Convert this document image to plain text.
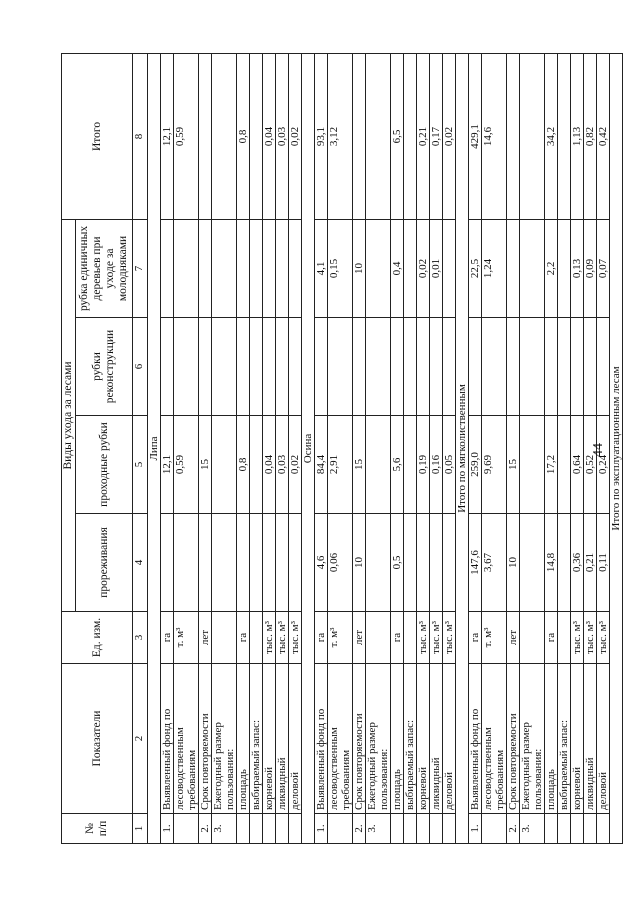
№ п/п	Показатели	Ед. изм.	Виды ухода за лесами				Итого
			прореживания	проходные рубки	рубки реконструкции	рубка единичных деревьев при уходе за молодняками	
1	2	3	4	5	6	7	8
Липа							
1.	Выявленный фонд по	га		12,1			12,1
	лесоводственным требованиям	т. м³		0,59			0,59
2.	Срок повторяемости	лет		15			
3.	Ежегодный размер пользования:						
	площадь	га		0,8			0,8
	выбираемый запас:						
	корневой	тыс. м³		0,04			0,04
	ликвидный	тыс. м³		0,03			0,03
	деловой	тыс. м³		0,02			0,02
Осина							
1.	Выявленный фонд по	га	4,6	84,4		4,1	93,1
	лесоводственным требованиям	т. м³	0,06	2,91		0,15	3,12
2.	Срок повторяемости	лет	10	15		10	
3.	Ежегодный размер пользования:						
	площадь	га	0,5	5,6		0,4	6,5
	выбираемый запас:						
	корневой	тыс. м³		0,19		0,02	0,21
	ликвидный	тыс. м³		0,16		0,01	0,17
	деловой	тыс. м³		0,05			0,02
Итого по мягколиственным							
1.	Выявленный фонд по	га	147,6	259,0		22,5	429,1
	лесоводственным требованиям	т. м³	3,67	9,69		1,24	14,6
2.	Срок повторяемости	лет	10	15			
3.	Ежегодный размер пользования:						
	площадь	га	14,8	17,2		2,2	34,2
	выбираемый запас:						
	корневой	тыс. м³	0,36	0,64		0,13	1,13
	ликвидный	тыс. м³	0,21	0,52		0,09	0,82
	деловой	тыс. м³	0,11	0,24		0,07	0,42
Итого по эксплуатационным лесам							
44
